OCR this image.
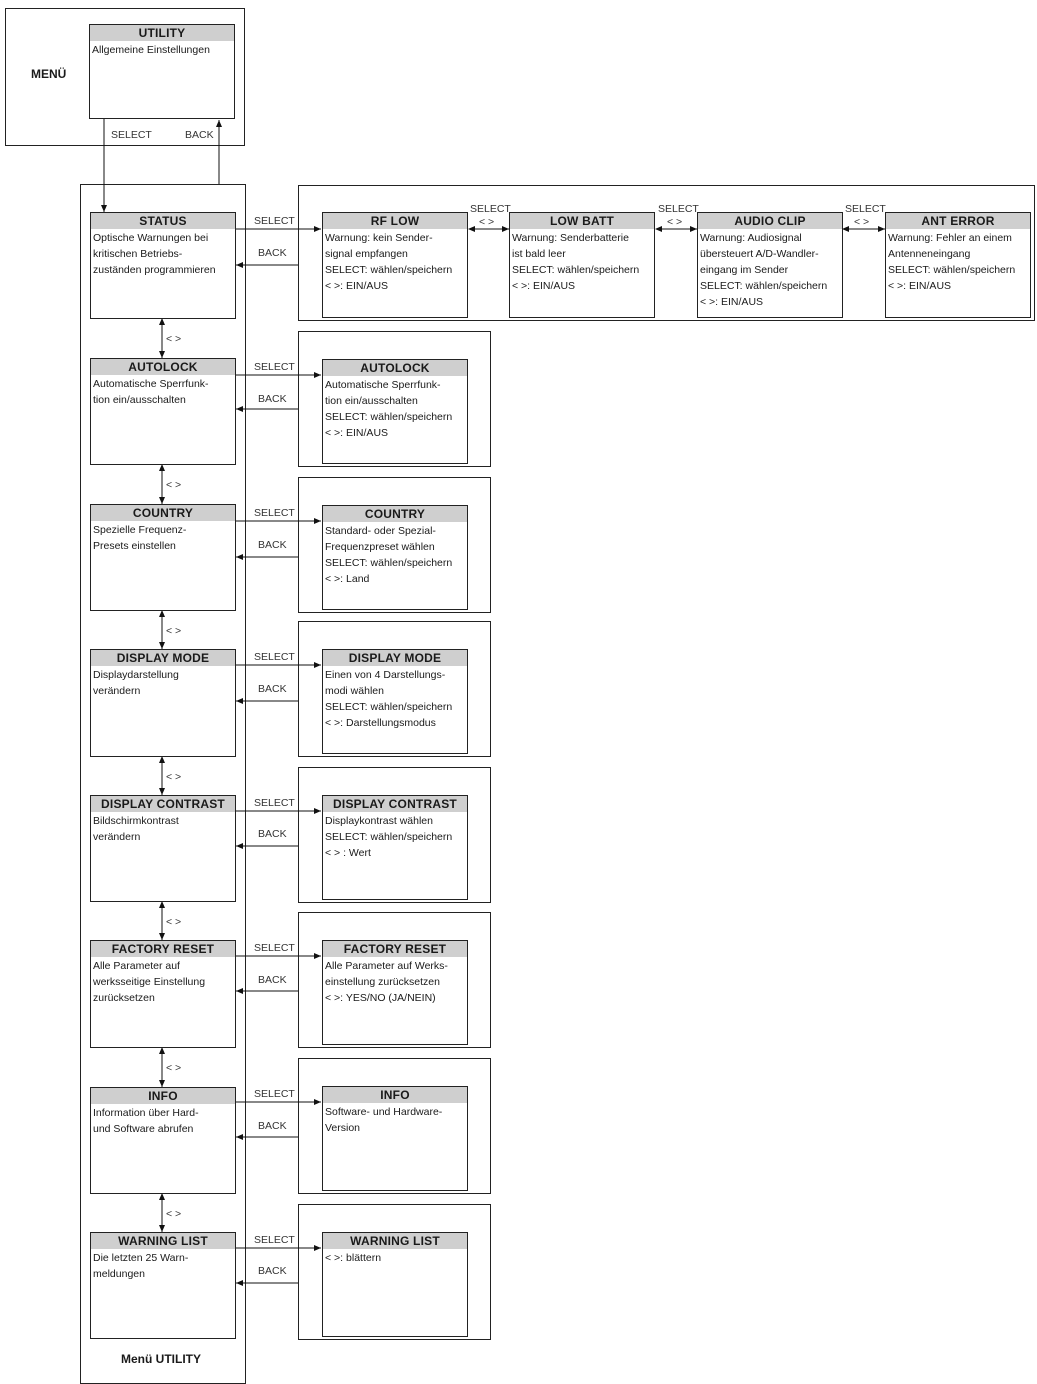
MENÜ
UTILITY
Allgemeine Einstellungen
SELECT	BACK
Menü UTILITY
STATUS
Optische Warnungen bei
kritischen Betriebs-
zuständen programmieren
AUTOLOCK
Automatische Sperrfunk-
tion ein/ausschalten
COUNTRY
Spezielle Frequenz-
Presets einstellen
DISPLAY MODE
Displaydarstellung
verändern
DISPLAY CONTRAST
Bildschirmkontrast
verändern
FACTORY RESET
Alle Parameter auf
werksseitige Einstellung
zurücksetzen
INFO
Information über Hard-
und Software abrufen
WARNING LIST
Die letzten 25 Warn-
meldungen
< >
< >
< >
< >
< >
< >
< >
SELECT
BACK
SELECT
BACK
SELECT
BACK
SELECT
BACK
SELECT
BACK
SELECT
BACK
SELECT
BACK
SELECT
BACK
RF LOW
Warnung: kein Sender-
signal empfangen
SELECT: wählen/speichern
< >: EIN/AUS
LOW BATT
Warnung: Senderbatterie
ist bald leer
SELECT: wählen/speichern
< >: EIN/AUS
AUDIO CLIP
Warnung: Audiosignal
übersteuert A/D-Wandler-
eingang im Sender
SELECT: wählen/speichern
< >: EIN/AUS
ANT ERROR
Warnung: Fehler an einem
Antenneneingang
SELECT: wählen/speichern
< >: EIN/AUS
SELECT
< >
SELECT
< >
SELECT
< >
AUTOLOCK
Automatische Sperrfunk-
tion ein/ausschalten
SELECT: wählen/speichern
< >: EIN/AUS
COUNTRY
Standard- oder Spezial-
Frequenzpreset wählen
SELECT: wählen/speichern
< >: Land
DISPLAY MODE
Einen von 4 Darstellungs-
modi wählen
SELECT: wählen/speichern
< >: Darstellungsmodus
DISPLAY CONTRAST
Displaykontrast wählen
SELECT: wählen/speichern
< > : Wert
FACTORY RESET
Alle Parameter auf Werks-
einstellung zurücksetzen
< >: YES/NO (JA/NEIN)
INFO
Software- und Hardware-
Version
WARNING LIST
< >: blättern
